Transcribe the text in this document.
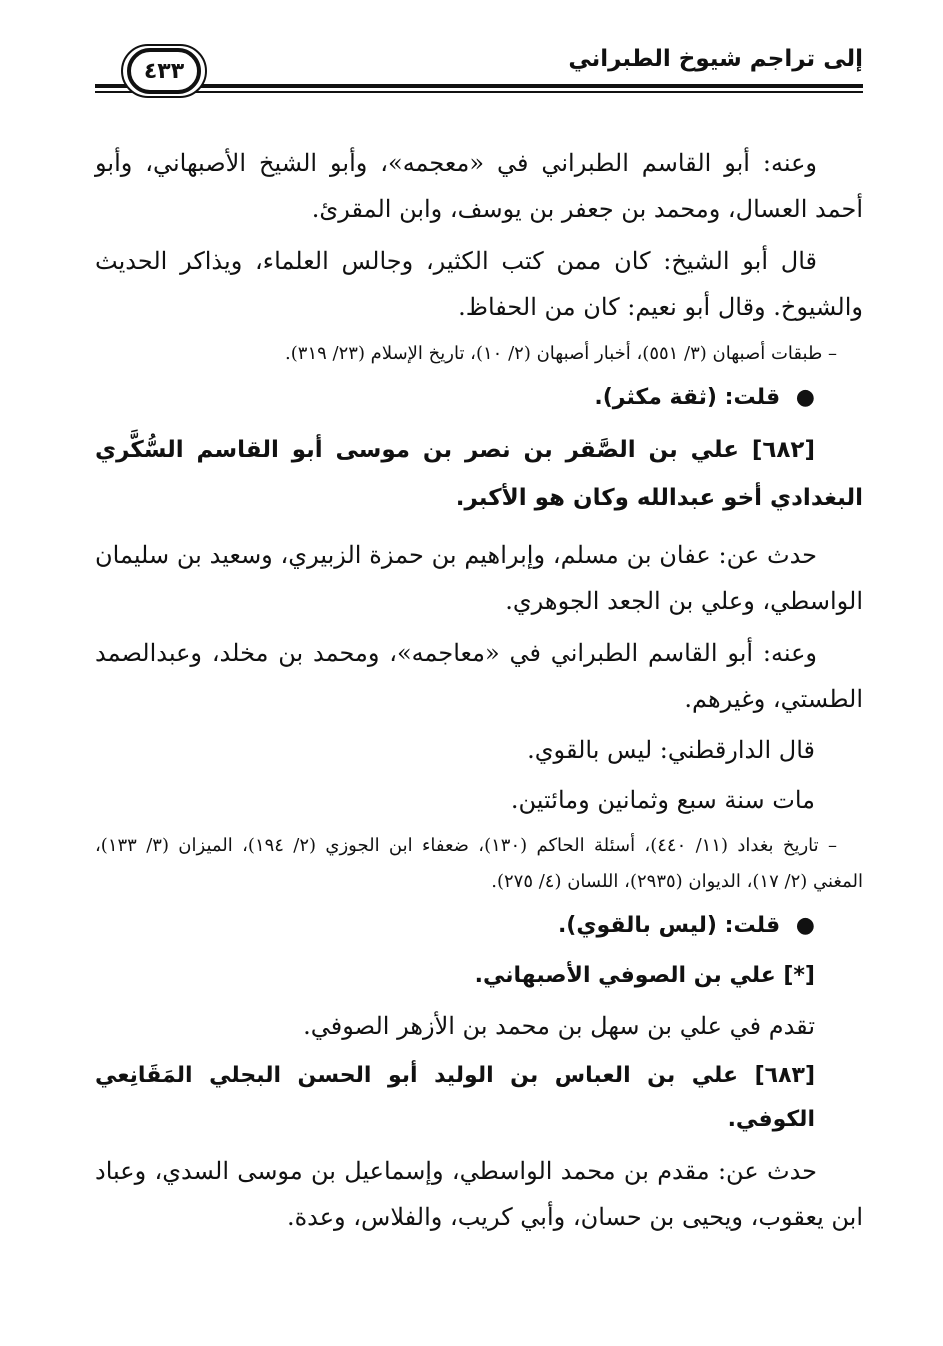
إلى تراجم شيوخ الطبراني
٤٣٣

وعنه: أبو القاسم الطبراني في «معجمه»، وأبو الشيخ الأصبهاني، وأبو أحمد العسال، ومحمد بن جعفر بن يوسف، وابن المقرئ.

قال أبو الشيخ: كان ممن كتب الكثير، وجالس العلماء، ويذاكر الحديث والشيوخ. وقال أبو نعيم: كان من الحفاظ.

– طبقات أصبهان (٣/ ٥٥١)، أخبار أصبهان (٢/ ١٠)، تاريخ الإسلام (٢٣/ ٣١٩).

● قلت: (ثقة مكثر).

[٦٨٢] علي بن الصَّقر بن نصر بن موسى أبو القاسم السُّكَّري البغدادي أخو عبدالله وكان هو الأكبر.

حدث عن: عفان بن مسلم، وإبراهيم بن حمزة الزبيري، وسعيد بن سليمان الواسطي، وعلي بن الجعد الجوهري.

وعنه: أبو القاسم الطبراني في «معاجمه»، ومحمد بن مخلد، وعبدالصمد الطستي، وغيرهم.

قال الدارقطني: ليس بالقوي.

مات سنة سبع وثمانين ومائتين.

– تاريخ بغداد (١١/ ٤٤٠)، أسئلة الحاكم (١٣٠)، ضعفاء ابن الجوزي (٢/ ١٩٤)، الميزان (٣/ ١٣٣)، المغني (٢/ ١٧)، الديوان (٢٩٣٥)، اللسان (٤/ ٢٧٥).

● قلت: (ليس بالقوي).

[*] علي بن الصوفي الأصبهاني.

تقدم في علي بن سهل بن محمد بن الأزهر الصوفي.

[٦٨٣] علي بن العباس بن الوليد أبو الحسن البجلي المَقَانِعي الكوفي.

حدث عن: مقدم بن محمد الواسطي، وإسماعيل بن موسى السدي، وعباد ابن يعقوب، ويحيى بن حسان، وأبي كريب، والفلاس، وعدة.
